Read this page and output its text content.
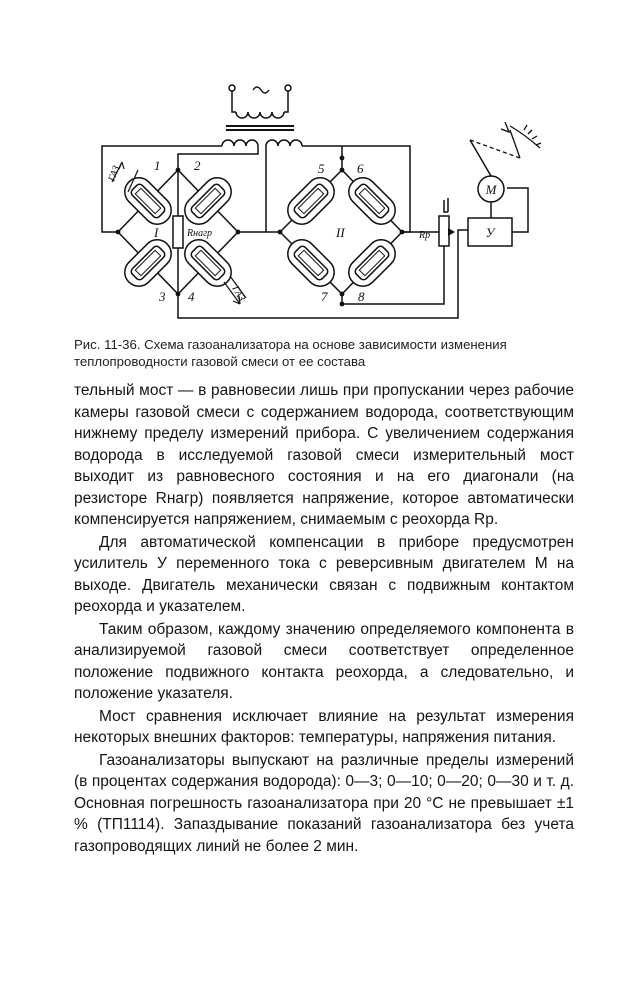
У
M
1	2
3 4
5	6
7 8
I	II
Rнагр	Rр
ГАЗ
ГАЗ
Рис. 11-36. Схема газоанализатора на основе зависимости изменения теплопроводности газовой смеси от ее состава

тельный мост — в равновесии лишь при пропускании через рабочие камеры газовой смеси с содержанием водорода, соответствующим нижнему пределу измерений прибора. С увеличением содержания водорода в исследуемой газовой смеси измерительный мост выходит из равновесного состояния и на его диагонали (на резисторе Rнагр) появляется напряжение, которое автоматически компенсируется напряжением, снимаемым с реохорда Rр.

Для автоматической компенсации в приборе предусмотрен усилитель У переменного тока с реверсивным двигателем M на выходе. Двигатель механически связан с подвижным контактом реохорда и указателем.

Таким образом, каждому значению определяемого компонента в анализируемой газовой смеси соответствует определенное положение подвижного контакта реохорда, а следовательно, и положение указателя.

Мост сравнения исключает влияние на результат измерения некоторых внешних факторов: температуры, напряжения питания.

Газоанализаторы выпускают на различные пределы измерений (в процентах содержания водорода): 0—3; 0—10; 0—20; 0—30 и т. д. Основная погрешность газоанализатора при 20 °С не превышает ±1 % (ТП1114). Запаздывание показаний газоанализатора без учета газопроводящих линий не более 2 мин.
